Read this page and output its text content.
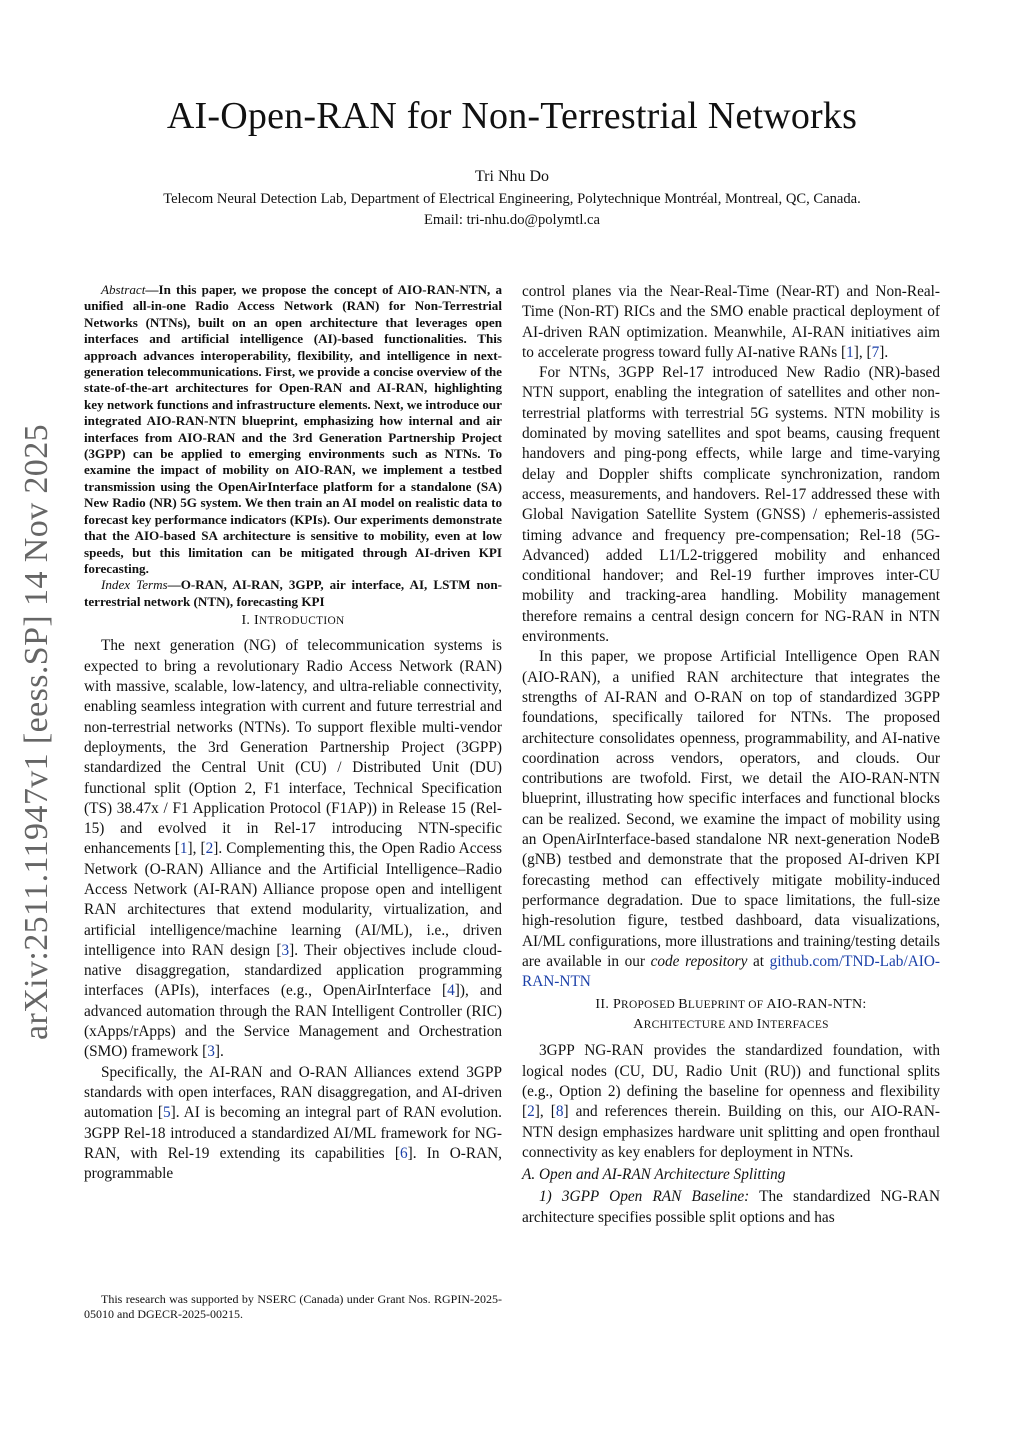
AI-Open-RAN for Non-Terrestrial Networks
Tri Nhu Do
Telecom Neural Detection Lab, Department of Electrical Engineering, Polytechnique Montréal, Montreal, QC, Canada.
Email: tri-nhu.do@polymtl.ca
arXiv:2511.11947v1 [eess.SP] 14 Nov 2025

Abstract—In this paper, we propose the concept of AIO-RAN-NTN, a unified all-in-one Radio Access Network (RAN) for Non-Terrestrial Networks (NTNs), built on an open architecture that leverages open interfaces and artificial intelligence (AI)-based functionalities. This approach advances interoperability, flexibility, and intelligence in next-generation telecommunications. First, we provide a concise overview of the state-of-the-art architectures for Open-RAN and AI-RAN, highlighting key network functions and infrastructure elements. Next, we introduce our integrated AIO-RAN-NTN blueprint, emphasizing how internal and air interfaces from AIO-RAN and the 3rd Generation Partnership Project (3GPP) can be applied to emerging environments such as NTNs. To examine the impact of mobility on AIO-RAN, we implement a testbed transmission using the OpenAirInterface platform for a standalone (SA) New Radio (NR) 5G system. We then train an AI model on realistic data to forecast key performance indicators (KPIs). Our experiments demonstrate that the AIO-based SA architecture is sensitive to mobility, even at low speeds, but this limitation can be mitigated through AI-driven KPI forecasting.

Index Terms—O-RAN, AI-RAN, 3GPP, air interface, AI, LSTM non-terrestrial network (NTN), forecasting KPI

I. INTRODUCTION

The next generation (NG) of telecommunication systems is expected to bring a revolutionary Radio Access Network (RAN) with massive, scalable, low-latency, and ultra-reliable connectivity, enabling seamless integration with current and future terrestrial and non-terrestrial networks (NTNs). To support flexible multi-vendor deployments, the 3rd Generation Partnership Project (3GPP) standardized the Central Unit (CU) / Distributed Unit (DU) functional split (Option 2, F1 interface, Technical Specification (TS) 38.47x / F1 Application Protocol (F1AP)) in Release 15 (Rel-15) and evolved it in Rel-17 introducing NTN-specific enhancements [1], [2]. Complementing this, the Open Radio Access Network (O-RAN) Alliance and the Artificial Intelligence–Radio Access Network (AI-RAN) Alliance propose open and intelligent RAN architectures that extend modularity, virtualization, and artificial intelligence/machine learning (AI/ML), i.e., driven intelligence into RAN design [3]. Their objectives include cloud-native disaggregation, standardized application programming interfaces (APIs), interfaces (e.g., OpenAirInterface [4]), and advanced automation through the RAN Intelligent Controller (RIC) (xApps/rApps) and the Service Management and Orchestration (SMO) framework [3].

Specifically, the AI-RAN and O-RAN Alliances extend 3GPP standards with open interfaces, RAN disaggregation, and AI-driven automation [5]. AI is becoming an integral part of RAN evolution. 3GPP Rel-18 introduced a standardized AI/ML framework for NG-RAN, with Rel-19 extending its capabilities [6]. In O-RAN, programmable

This research was supported by NSERC (Canada) under Grant Nos. RGPIN-2025-05010 and DGECR-2025-00215.

control planes via the Near-Real-Time (Near-RT) and Non-Real-Time (Non-RT) RICs and the SMO enable practical deployment of AI-driven RAN optimization. Meanwhile, AI-RAN initiatives aim to accelerate progress toward fully AI-native RANs [1], [7].

For NTNs, 3GPP Rel-17 introduced New Radio (NR)-based NTN support, enabling the integration of satellites and other non-terrestrial platforms with terrestrial 5G systems. NTN mobility is dominated by moving satellites and spot beams, causing frequent handovers and ping-pong effects, while large and time-varying delay and Doppler shifts complicate synchronization, random access, measurements, and handovers. Rel-17 addressed these with Global Navigation Satellite System (GNSS) / ephemeris-assisted timing advance and frequency pre-compensation; Rel-18 (5G-Advanced) added L1/L2-triggered mobility and enhanced conditional handover; and Rel-19 further improves inter-CU mobility and tracking-area handling. Mobility management therefore remains a central design concern for NG-RAN in NTN environments.

In this paper, we propose Artificial Intelligence Open RAN (AIO-RAN), a unified RAN architecture that integrates the strengths of AI-RAN and O-RAN on top of standardized 3GPP foundations, specifically tailored for NTNs. The proposed architecture consolidates openness, programmability, and AI-native coordination across vendors, operators, and clouds. Our contributions are twofold. First, we detail the AIO-RAN-NTN blueprint, illustrating how specific interfaces and functional blocks can be realized. Second, we examine the impact of mobility using an OpenAirInterface-based standalone NR next-generation NodeB (gNB) testbed and demonstrate that the proposed AI-driven KPI forecasting method can effectively mitigate mobility-induced performance degradation. Due to space limitations, the full-size high-resolution figure, testbed dashboard, data visualizations, AI/ML configurations, more illustrations and training/testing details are available in our code repository at github.com/TND-Lab/AIO-RAN-NTN

II. PROPOSED BLUEPRINT OF AIO-RAN-NTN:
ARCHITECTURE AND INTERFACES

3GPP NG-RAN provides the standardized foundation, with logical nodes (CU, DU, Radio Unit (RU)) and functional splits (e.g., Option 2) defining the baseline for openness and flexibility [2], [8] and references therein. Building on this, our AIO-RAN-NTN design emphasizes hardware unit splitting and open fronthaul connectivity as key enablers for deployment in NTNs.

A. Open and AI-RAN Architecture Splitting

1) 3GPP Open RAN Baseline: The standardized NG-RAN architecture specifies possible split options and has
